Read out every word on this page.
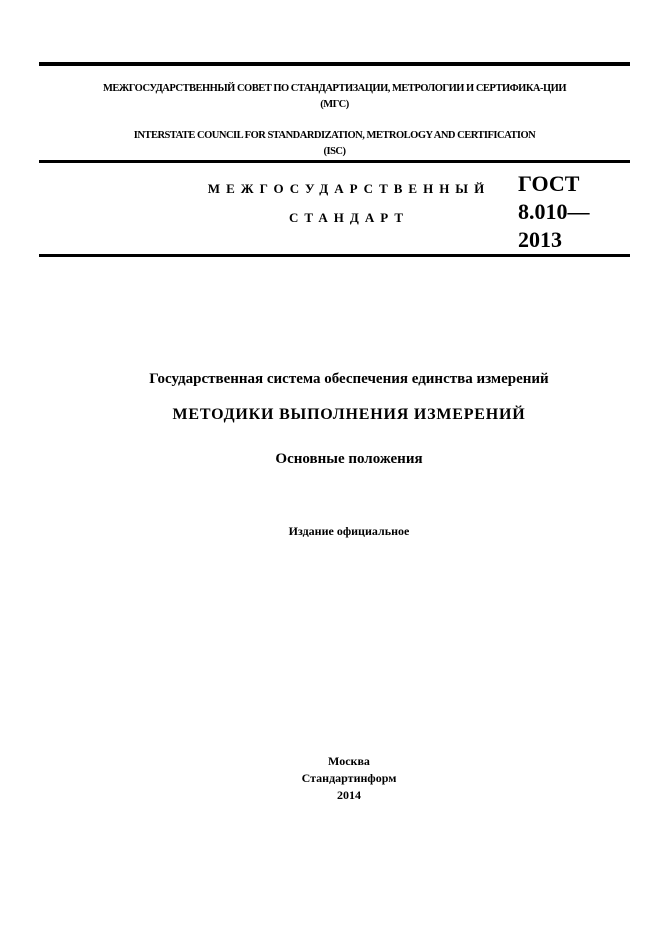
МЕЖГОСУДАРСТВЕННЫЙ СОВЕТ ПО СТАНДАРТИЗАЦИИ, МЕТРОЛОГИИ И СЕРТИФИКА-ЦИИ
(МГС)
INTERSTATE COUNCIL FOR STANDARDIZATION, METROLOGY AND CERTIFICATION
(ISC)
МЕЖГОСУДАРСТВЕННЫЙ
СТАНДАРТ
ГОСТ
8.010—
2013
Государственная система обеспечения единства измерений
МЕТОДИКИ ВЫПОЛНЕНИЯ ИЗМЕРЕНИЙ
Основные положения
Издание официальное
Москва
Стандартинформ
2014
